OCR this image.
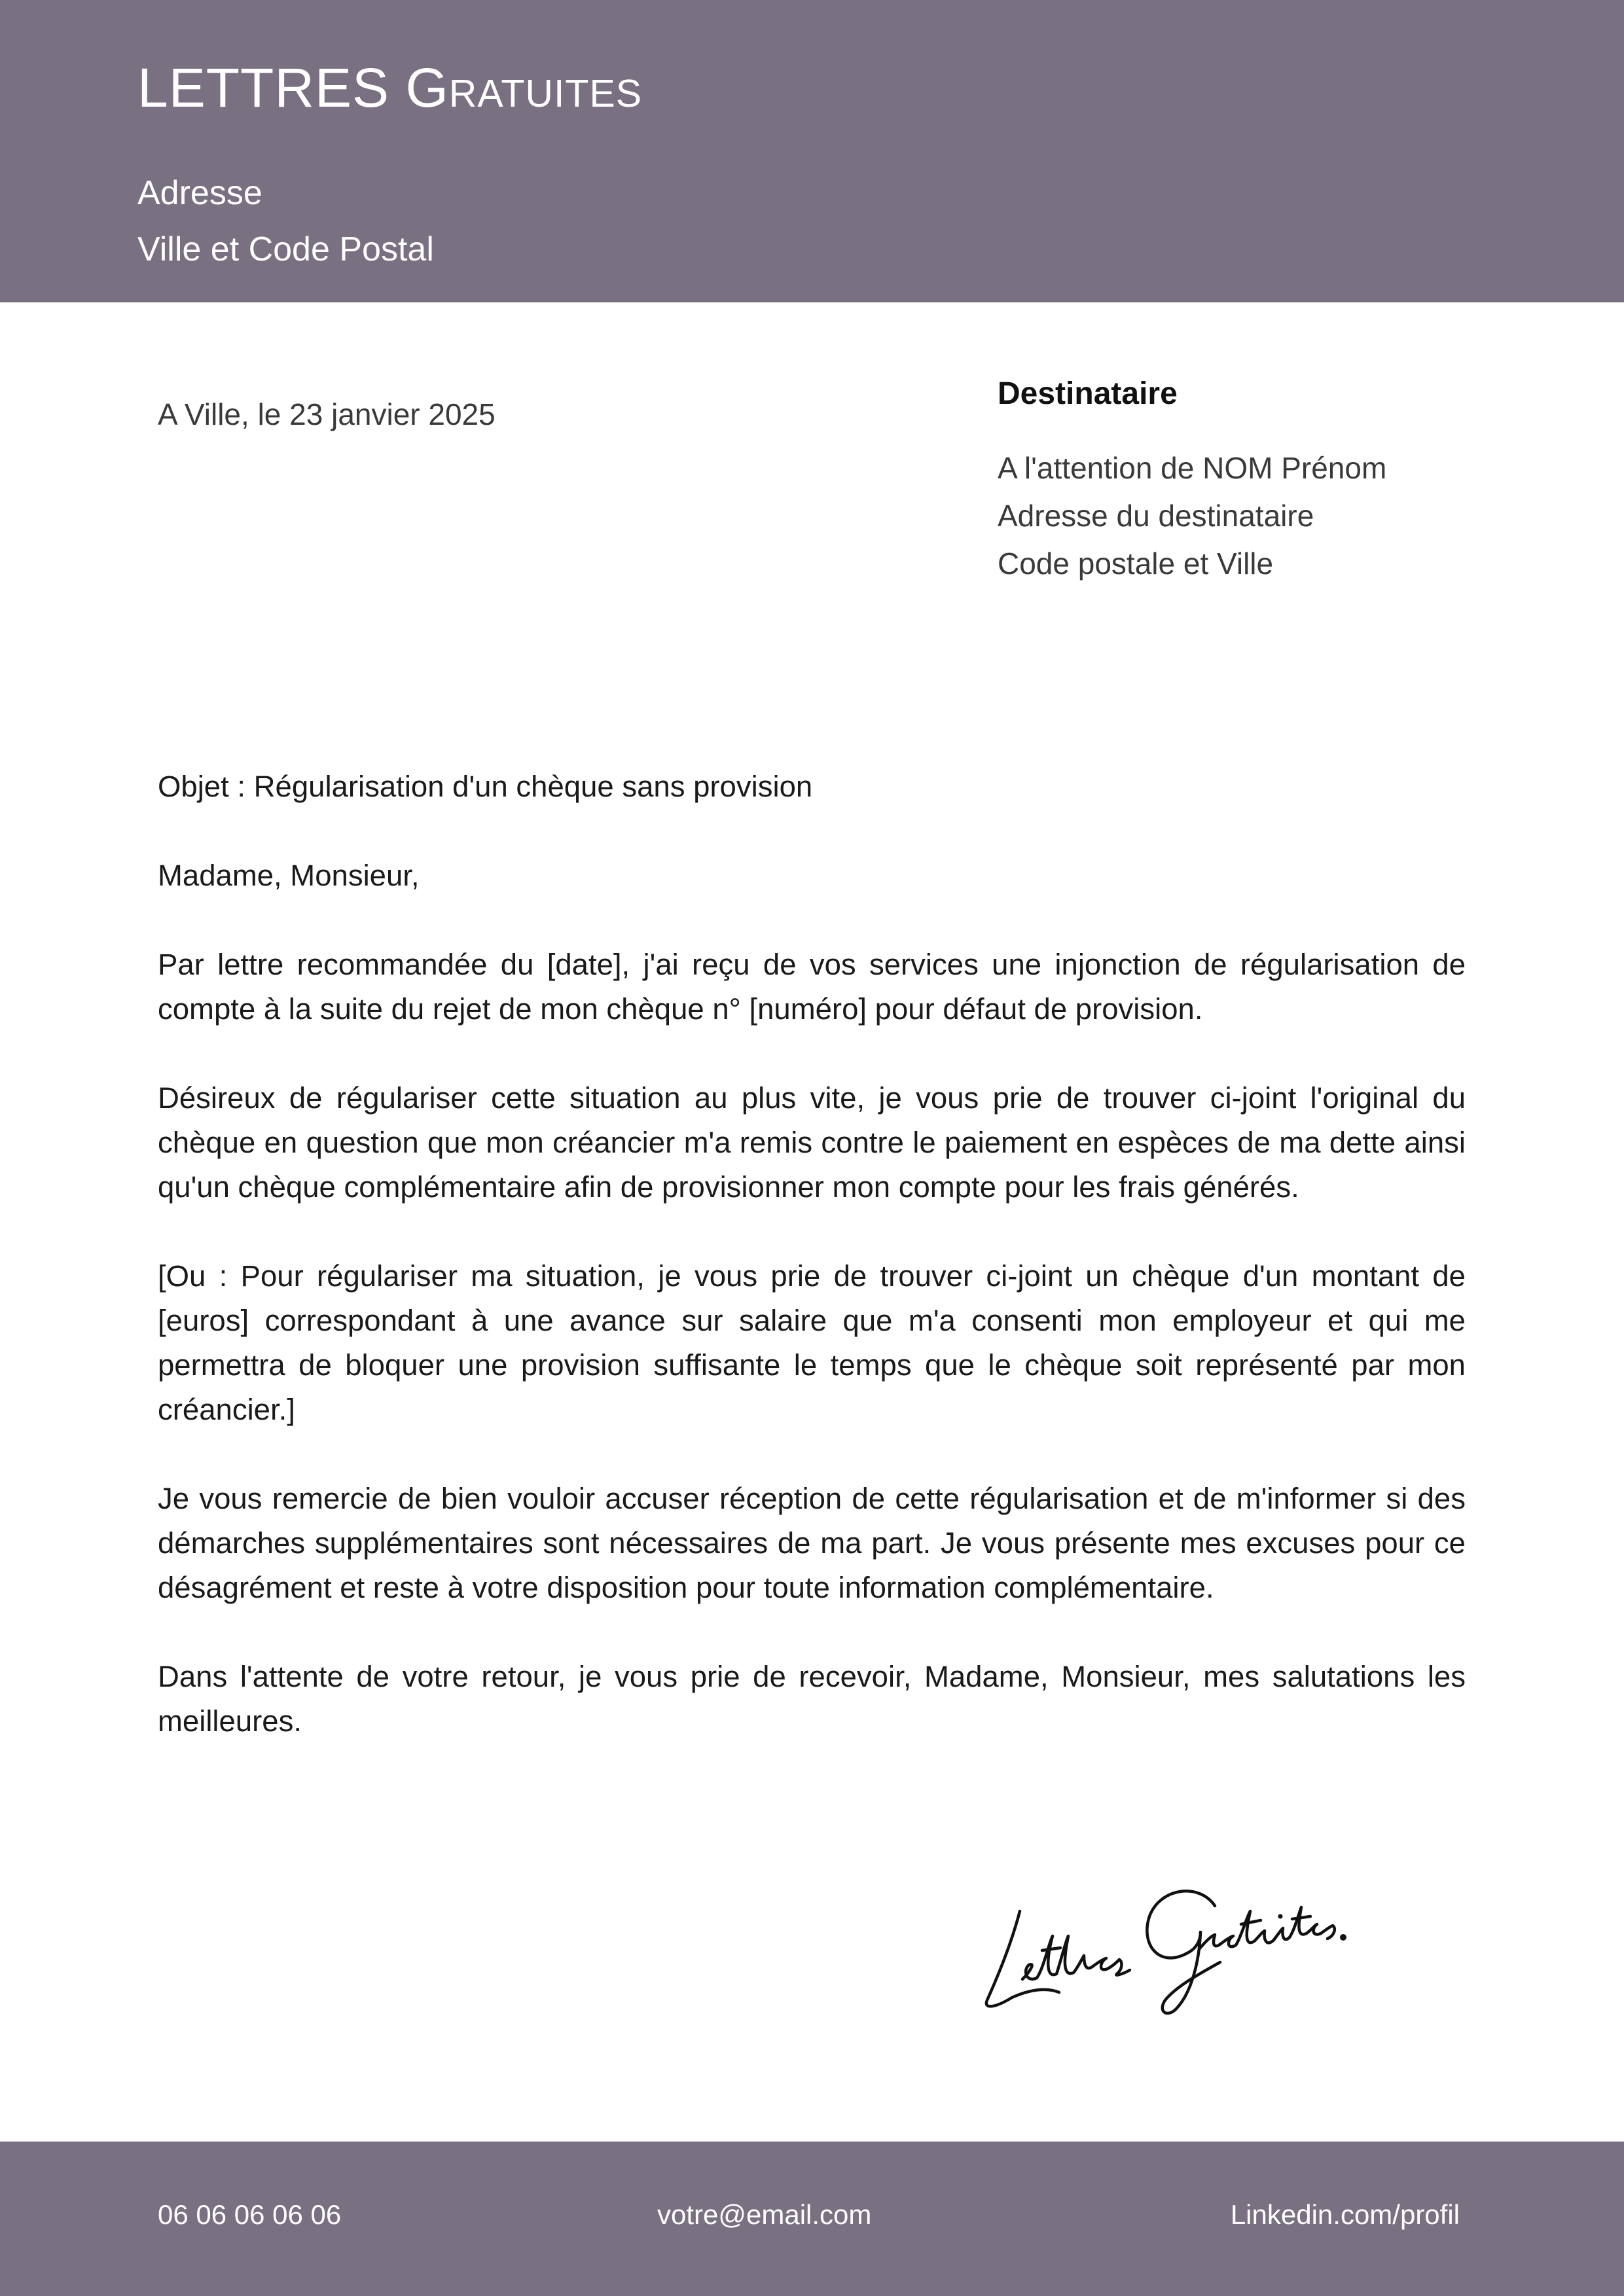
LETTRES Gratuites
Adresse
Ville et Code Postal
A Ville, le 23 janvier 2025
Destinataire
A l'attention de NOM Prénom
Adresse du destinataire
Code postale et Ville

Objet : Régularisation d'un chèque sans provision

Madame, Monsieur,

Par lettre recommandée du [date], j'ai reçu de vos services une injonction de régularisation de compte à la suite du rejet de mon chèque n° [numéro] pour défaut de provision.

Désireux de régulariser cette situation au plus vite, je vous prie de trouver ci-joint l'original du chèque en question que mon créancier m'a remis contre le paiement en espèces de ma dette ainsi qu'un chèque complémentaire afin de provisionner mon compte pour les frais générés.

[Ou : Pour régulariser ma situation, je vous prie de trouver ci-joint un chèque d'un montant de [euros] correspondant à une avance sur salaire que m'a consenti mon employeur et qui me permettra de bloquer une provision suffisante le temps que le chèque soit représenté par mon créancier.]

Je vous remercie de bien vouloir accuser réception de cette régularisation et de m'informer si des démarches supplémentaires sont nécessaires de ma part. Je vous présente mes excuses pour ce désagrément et reste à votre disposition pour toute information complémentaire.

Dans l'attente de votre retour, je vous prie de recevoir, Madame, Monsieur, mes salutations les meilleures.

06 06 06 06 06	votre@email.com	Linkedin.com/profil
